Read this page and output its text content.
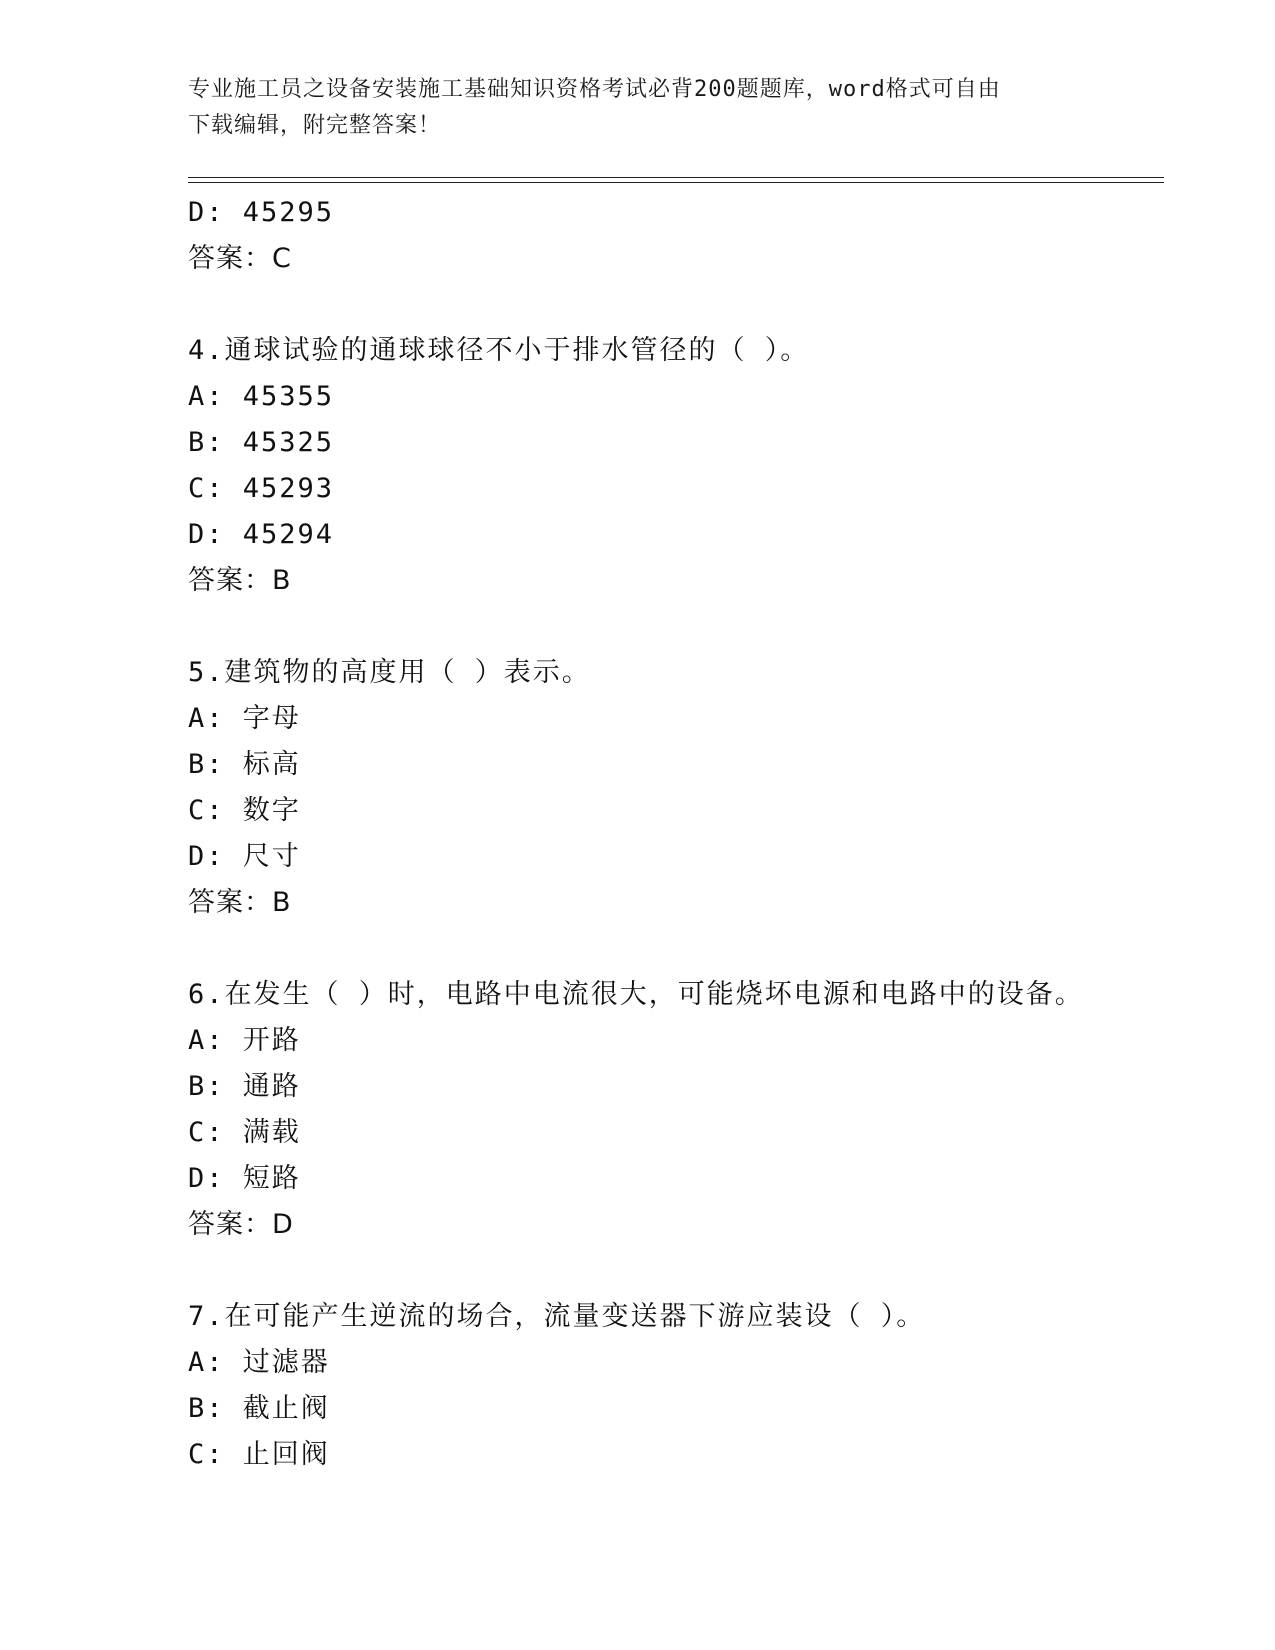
专业施工员之设备安装施工基础知识资格考试必背200题题库，word格式可自由
下载编辑，附完整答案！
D: 45295
答案：C
4.通球试验的通球球径不小于排水管径的（ ）。
A: 45355
B: 45325
C: 45293
D: 45294
答案：B
5.建筑物的高度用（ ）表示。
A: 字母
B: 标高
C: 数字
D: 尺寸
答案：B
6.在发生（ ）时，电路中电流很大，可能烧坏电源和电路中的设备。
A: 开路
B: 通路
C: 满载
D: 短路
答案：D
7.在可能产生逆流的场合，流量变送器下游应装设（ ）。
A: 过滤器
B: 截止阀
C: 止回阀
